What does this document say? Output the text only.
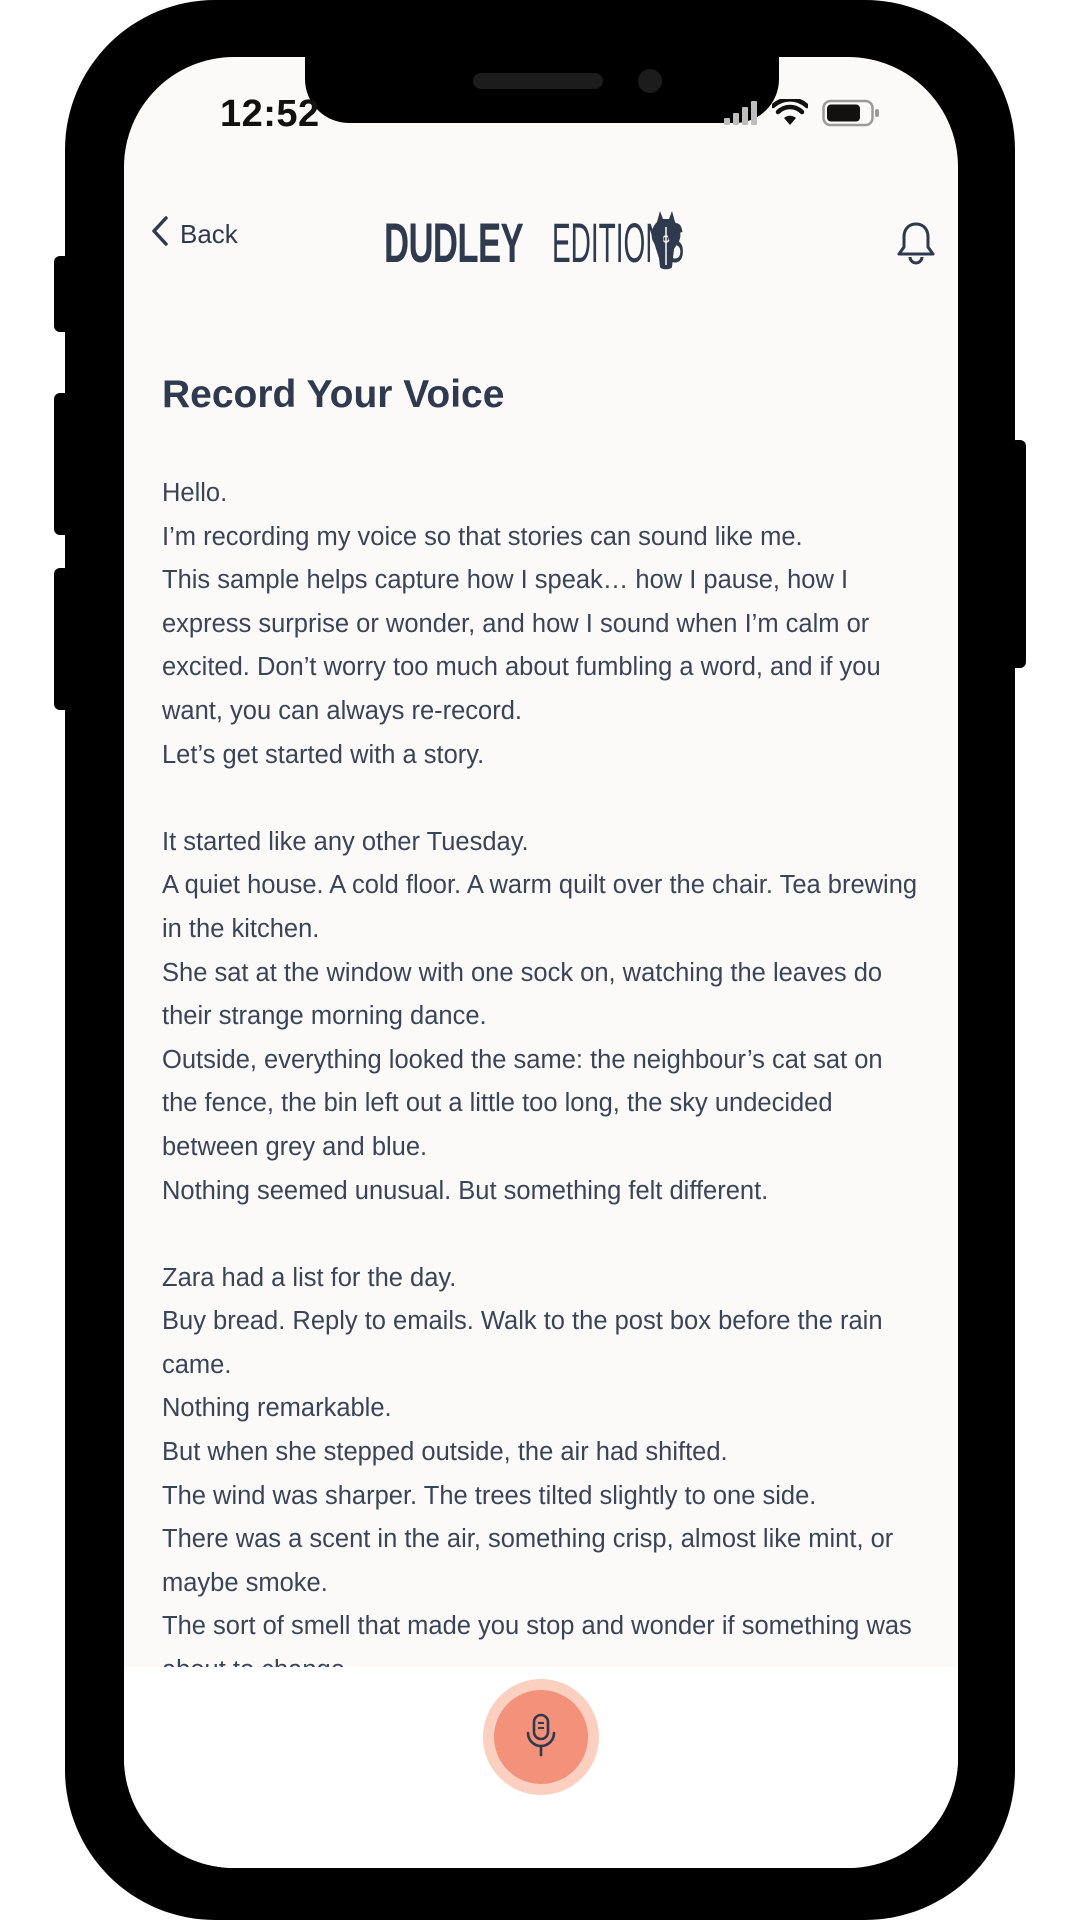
12:52
Back	DUDLEY EDITIONS
Record Your Voice

Hello.

I’m recording my voice so that stories can sound like me.

This sample helps capture how I speak… how I pause, how I express surprise or wonder, and how I sound when I’m calm or excited. Don’t worry too much about fumbling a word, and if you want, you can always re-record.

Let’s get started with a story.

It started like any other Tuesday.

A quiet house. A cold floor. A warm quilt over the chair. Tea brewing in the kitchen.

She sat at the window with one sock on, watching the leaves do their strange morning dance.

Outside, everything looked the same: the neighbour’s cat sat on the fence, the bin left out a little too long, the sky undecided between grey and blue.

Nothing seemed unusual. But something felt different.

Zara had a list for the day.

Buy bread. Reply to emails. Walk to the post box before the rain came.

Nothing remarkable.

But when she stepped outside, the air had shifted.

The wind was sharper. The trees tilted slightly to one side.

There was a scent in the air, something crisp, almost like mint, or maybe smoke.

The sort of smell that made you stop and wonder if something was
